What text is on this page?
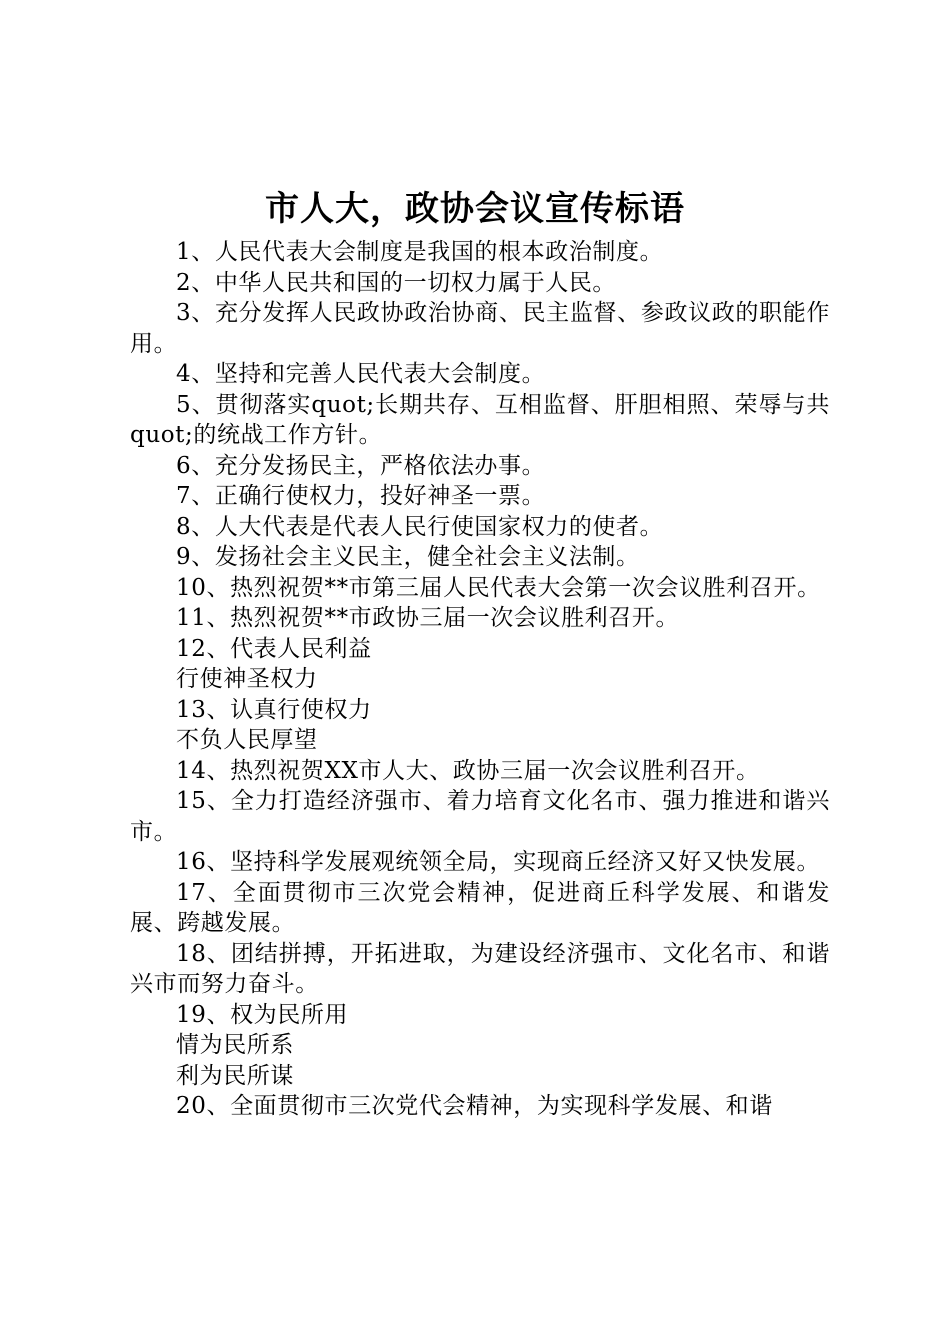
市人大，政协会议宣传标语

1、人民代表大会制度是我国的根本政治制度。

2、中华人民共和国的一切权力属于人民。

3、充分发挥人民政协政治协商、民主监督、参政议政的职能作用。

4、坚持和完善人民代表大会制度。

5、贯彻落实quot;长期共存、互相监督、肝胆相照、荣辱与共quot;的统战工作方针。

6、充分发扬民主，严格依法办事。

7、正确行使权力，投好神圣一票。

8、人大代表是代表人民行使国家权力的使者。

9、发扬社会主义民主，健全社会主义法制。

10、热烈祝贺**市第三届人民代表大会第一次会议胜利召开。

11、热烈祝贺**市政协三届一次会议胜利召开。

12、代表人民利益

行使神圣权力

13、认真行使权力

不负人民厚望

14、热烈祝贺XX市人大、政协三届一次会议胜利召开。

15、全力打造经济强市、着力培育文化名市、强力推进和谐兴市。

16、坚持科学发展观统领全局，实现商丘经济又好又快发展。

17、全面贯彻市三次党会精神，促进商丘科学发展、和谐发展、跨越发展。

18、团结拼搏，开拓进取，为建设经济强市、文化名市、和谐兴市而努力奋斗。

19、权为民所用

情为民所系

利为民所谋

20、全面贯彻市三次党代会精神，为实现科学发展、和谐
